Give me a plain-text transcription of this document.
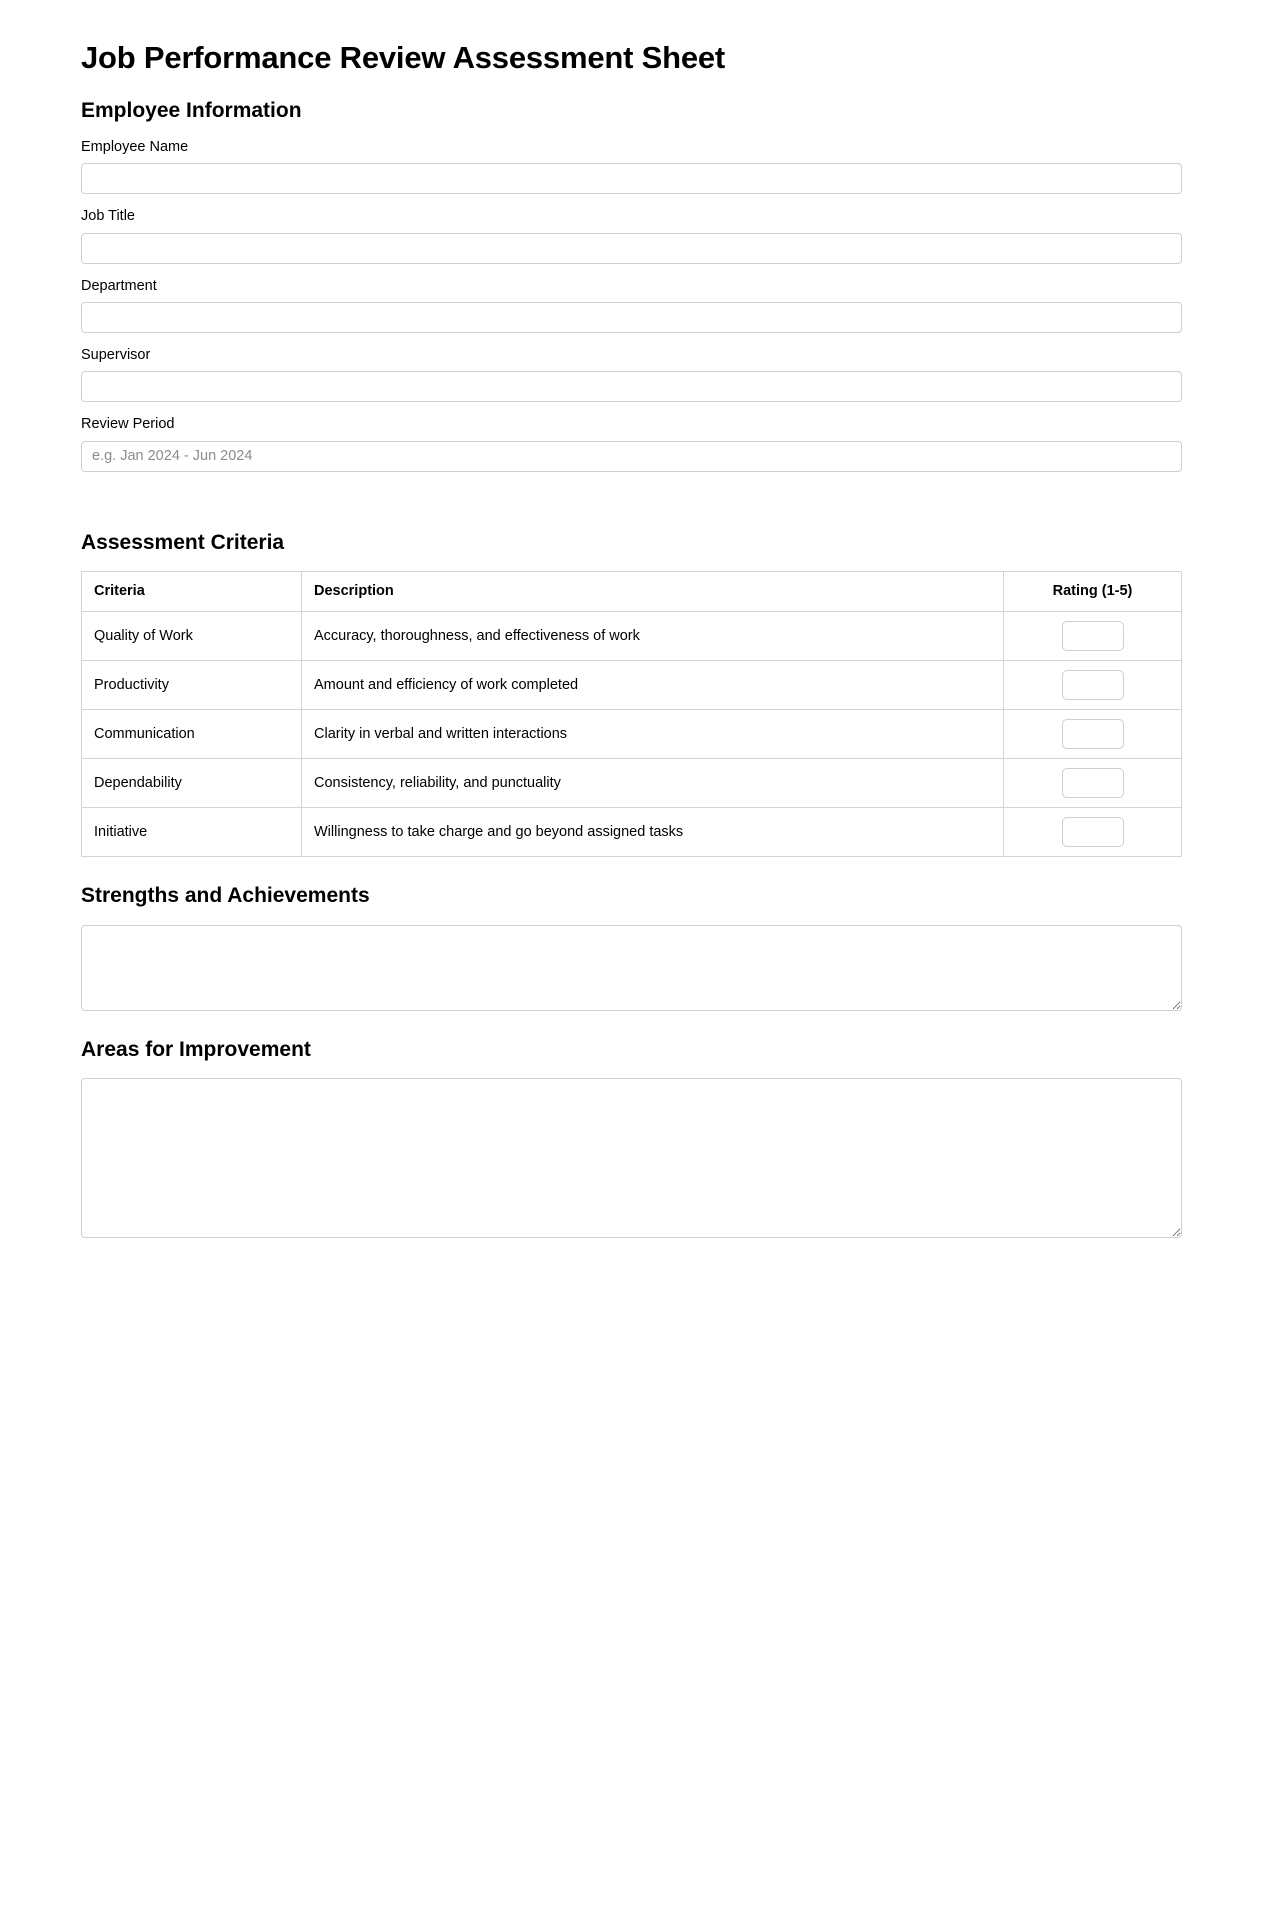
Job Performance Review Assessment Sheet
Employee Information
Employee Name
Job Title
Department
Supervisor
Review Period
e.g. Jan 2024 - Jun 2024
Assessment Criteria
Criteria	Description	Rating (1-5)
Quality of Work	Accuracy, thoroughness, and effectiveness of work	
Productivity	Amount and efficiency of work completed	
Communication	Clarity in verbal and written interactions	
Dependability	Consistency, reliability, and punctuality	
Initiative	Willingness to take charge and go beyond assigned tasks	
Strengths and Achievements
Areas for Improvement
